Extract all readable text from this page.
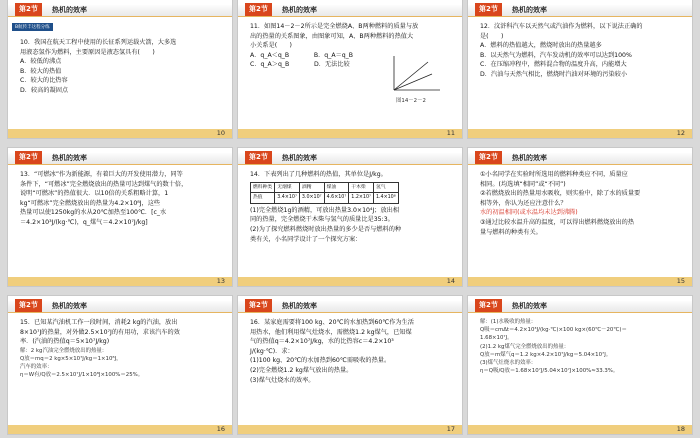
第2节	热机的效率
B航传丰这程分练

10．我国在航天工程中使用的长征系列运载火箭，大多选

用液态氢作为燃料，主要原因是液态氢具有(　　)

A．较低的沸点

B．较大的热值

C．较大的比热容

D．较高的凝固点

10
第2节	热机的效率

11．如图14－2－2所示是完全燃烧A、B两种燃料的质量与放

出的热量的关系图象，由图象可知，A、B两种燃料的热值大

小关系是(　　)

A．q_A＜q_B　　　　B．q_A＝q_B

C．q_A＞q_B　　　　D．无法比较

图14－2－2
11
第2节	热机的效率

12．汶浒科汽车以天然气或汽油作为燃料，以下说法正确的

是(　　)

A．燃料的热值越大，燃烧时放出的热量越多

B．以天然气为燃料，汽车发动机的效率可以达到100%

C．在压缩冲程中，燃料混合物的温度升高，内能增大

D．汽油与天然气相比，燃烧时汽油对环境的污染较小

12
第2节	热机的效率

13．“可燃冰”作为新能源，有着巨大的开发使用潜力，同等

条件下，“可燃冰”完全燃烧放出的热量可达到煤气的数十倍，

说明“可燃冰”的热值很大．以10倍的关系粗略计算，1

kg“可燃冰”完全燃烧放出的热量为4.2×10⁸J，这些

热量可以使1250kg的水从20℃加热至100℃．[c_水

＝4.2×10³J/(kg·℃)，q_煤气＝4.2×10⁷J/kg]

13
第2节	热机的效率

14．下表列出了几种燃料的热值，其单位是J/kg。

燃料种类	无烟煤	酒精	煤油	干木柴	氢气
热值	3.4×10⁷	3.0×10⁷	4.6×10⁷	1.2×10⁷	1.4×10⁸

(1)完全燃烧1g的酒精，可放出热量3.0×10⁴J；放出相

同的热量，完全燃烧干木柴与氢气的质量比是35:3。

(2)为了探究燃料燃烧时放出热量的多少是否与燃料的种

类有关，小名同学设计了一个探究方案：

14
第2节	热机的效率

①小名同学在实验时所选用的燃料种类应不同，质量应

相同。(均选填“相同”或“不同”)

②若燃烧放出的热量用水吸收，则实验中，除了水的质量要

相等外，你认为还应注意什么？

水的初温相同(或水温均未达到沸腾)

③通过比较水温升高的温度，可以得出燃料燃烧放出的热

量与燃料的种类有关。

15
第2节	热机的效率

15．已知某汽油机工作一段时间，消耗2 kg的汽油，放出

8×10⁷J的热量，对外做2.5×10⁷J的有用功，求该汽车的效

率．(汽油的热值q＝5×10⁷J/kg)

解：2 kg汽油完全燃烧放出的热量：

Q放＝mq＝2 kg×5×10⁷J/kg＝1×10⁸J，

汽车的效率：

η＝W有/Q放＝2.5×10⁷J/1×10⁸J×100%＝25%。

16
第2节	热机的效率

16．某家庭需要将100 kg、20℃的水加热到60℃作为生活

用热水，他们利用煤气灶烧水，需燃烧1.2 kg煤气，已知煤

气的热值q＝4.2×10⁷J/kg，水的比热容c＝4.2×10³

J/(kg·℃)．求：

(1)100 kg、20℃的水加热到60℃需吸收的热量。

(2)完全燃烧1.2 kg煤气放出的热量。

(3)煤气灶烧水的效率。

17
第2节	热机的效率

解：(1)水吸收的热量：

Q吸＝cmΔt＝4.2×10³J/(kg·℃)×100 kg×(60℃－20℃)＝

1.68×10⁷J。

(2)1.2 kg煤气完全燃烧放出的热量：

Q放＝m煤气q＝1.2 kg×4.2×10⁷J/kg＝5.04×10⁷J。

(3)煤气灶烧水的效率：

η＝Q吸/Q放＝1.68×10⁷J/5.04×10⁷J×100%≈33.3%。

18
